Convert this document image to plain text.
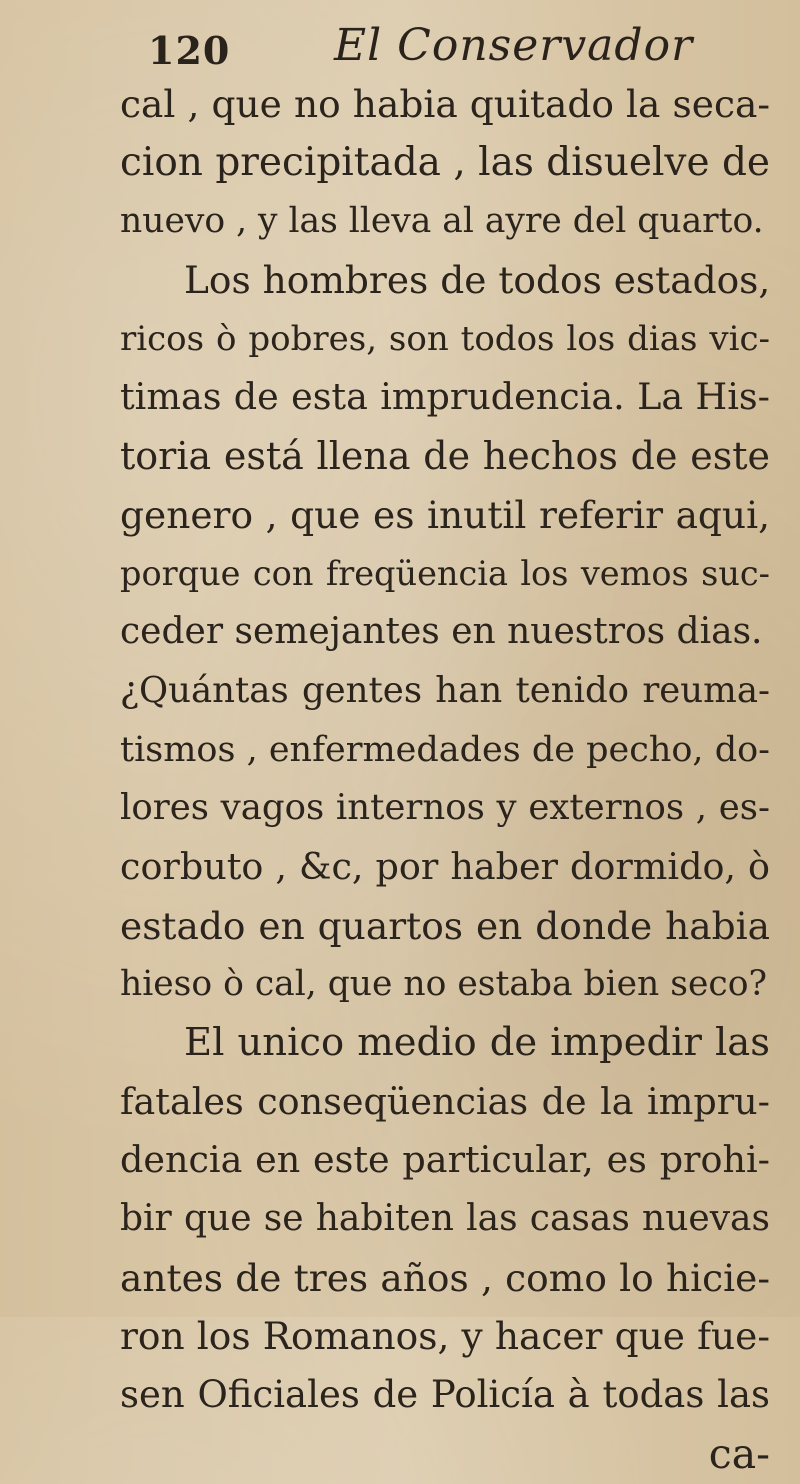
120 El Conservador
cal , que no habia quitado la seca-
cion precipitada , las disuelve de
nuevo , y las lleva al ayre del quarto.
Los hombres de todos estados,
ricos ò pobres, son todos los dias vic-
timas de esta imprudencia. La His-
toria está llena de hechos de este
genero , que es inutil referir aqui,
porque con freqüencia los vemos suc-
ceder semejantes en nuestros dias.
¿Quántas gentes han tenido reuma-
tismos , enfermedades de pecho, do-
lores vagos internos y externos , es-
corbuto , &c, por haber dormido, ò
estado en quartos en donde habia
hieso ò cal, que no estaba bien seco?
El unico medio de impedir las
fatales conseqüencias de la impru-
dencia en este particular, es prohi-
bir que se habiten las casas nuevas
antes de tres años , como lo hicie-
ron los Romanos, y hacer que fue-
sen Oficiales de Policía à todas las
ca-
